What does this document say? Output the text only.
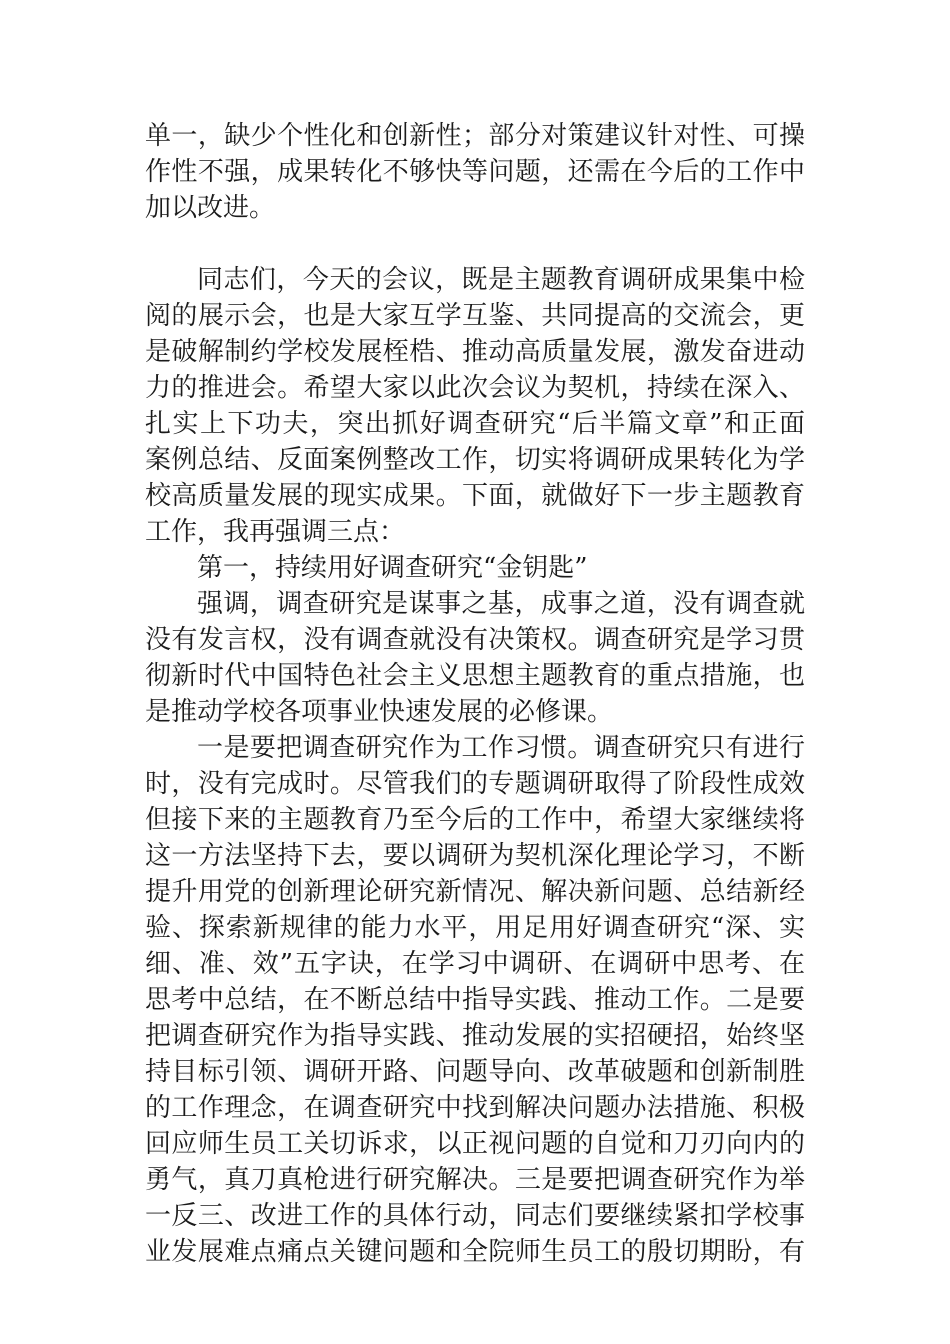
单一，缺少个性化和创新性；部分对策建议针对性、可操
作性不强，成果转化不够快等问题，还需在今后的工作中
加以改进。
同志们，今天的会议，既是主题教育调研成果集中检
阅的展示会，也是大家互学互鉴、共同提高的交流会，更
是破解制约学校发展桎梏、推动高质量发展，激发奋进动
力的推进会。希望大家以此次会议为契机，持续在深入、
扎实上下功夫，突出抓好调查研究“后半篇文章”和正面
案例总结、反面案例整改工作，切实将调研成果转化为学
校高质量发展的现实成果。下面，就做好下一步主题教育
工作，我再强调三点：
第一，持续用好调查研究“金钥匙”
强调，调查研究是谋事之基，成事之道，没有调查就
没有发言权，没有调查就没有决策权。调查研究是学习贯
彻新时代中国特色社会主义思想主题教育的重点措施，也
是推动学校各项事业快速发展的必修课。
一是要把调查研究作为工作习惯。调查研究只有进行
时，没有完成时。尽管我们的专题调研取得了阶段性成效
但接下来的主题教育乃至今后的工作中，希望大家继续将
这一方法坚持下去，要以调研为契机深化理论学习，不断
提升用党的创新理论研究新情况、解决新问题、总结新经
验、探索新规律的能力水平，用足用好调查研究“深、实
细、准、效”五字诀，在学习中调研、在调研中思考、在
思考中总结，在不断总结中指导实践、推动工作。二是要
把调查研究作为指导实践、推动发展的实招硬招，始终坚
持目标引领、调研开路、问题导向、改革破题和创新制胜
的工作理念，在调查研究中找到解决问题办法措施、积极
回应师生员工关切诉求，以正视问题的自觉和刀刃向内的
勇气，真刀真枪进行研究解决。三是要把调查研究作为举
一反三、改进工作的具体行动，同志们要继续紧扣学校事
业发展难点痛点关键问题和全院师生员工的殷切期盼，有
